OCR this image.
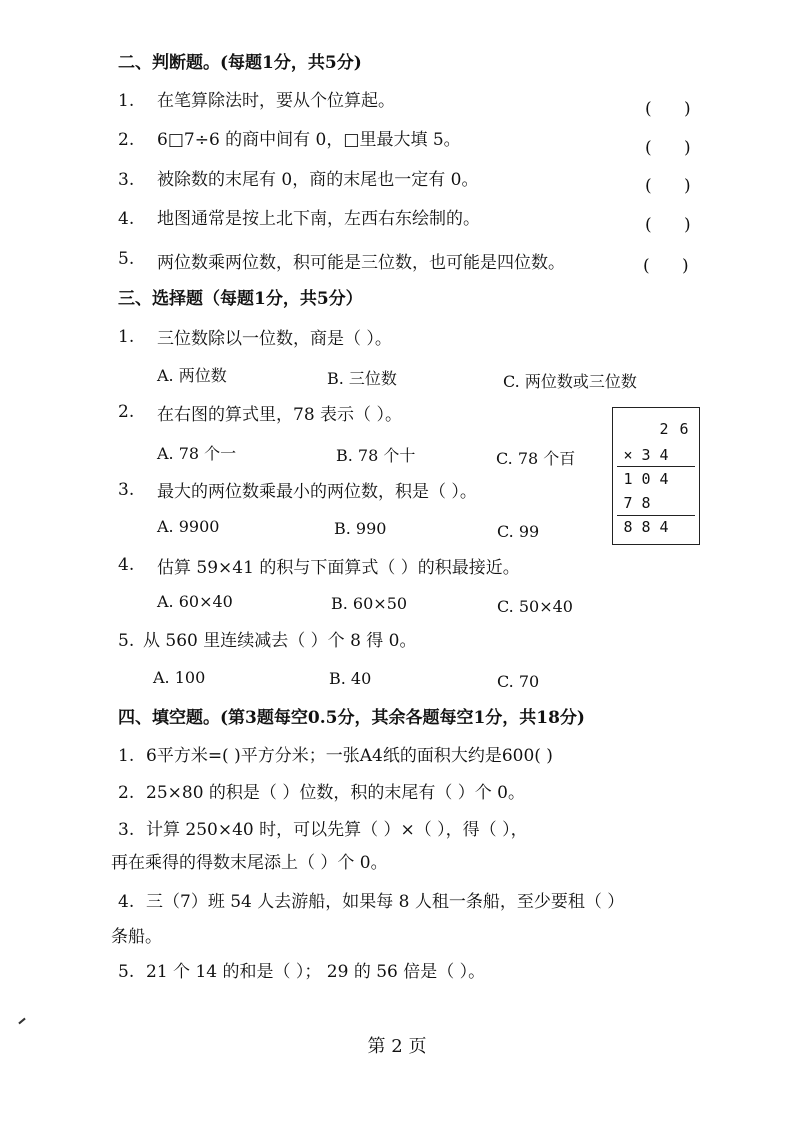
二、判断题。(每题1分，共5分)
1. 在笔算除法时，要从个位算起。	(      )
2. 6□7÷6 的商中间有 0，□里最大填 5。	(      )
3. 被除数的末尾有 0，商的末尾也一定有 0。	(      )
4. 地图通常是按上北下南，左西右东绘制的。	(      )
5. 两位数乘两位数，积可能是三位数，也可能是四位数。	(      )
三、选择题（每题1分，共5分）
1. 三位数除以一位数，商是（ ）。
A. 两位数	B. 三位数	C. 两位数或三位数
2. 在右图的算式里，78 表示（ ）。
A. 78 个一	B. 78 个十	C. 78 个百
3. 最大的两位数乘最小的两位数，积是（ ）。
A. 9900	B. 990	C. 99
4. 估算 59×41 的积与下面算式（ ）的积最接近。
A. 60×40	B. 60×50	C. 50×40
5. 从 560 里连续减去（ ）个 8 得 0。
A. 100	B. 40	C. 70
2 6
× 3 4
1 0 4
7 8
8 8 4
四、填空题。(第3题每空0.5分，其余各题每空1分，共18分)
1. 6平方米=( )平方分米；一张A4纸的面积大约是600( )
2. 25×80 的积是（ ）位数，积的末尾有（ ）个 0。
3. 计算 250×40 时，可以先算（ ）×（ ），得（ ），
再在乘得的得数末尾添上（ ）个 0。
4. 三（7）班 54 人去游船，如果每 8 人租一条船，至少要租（ ）
条船。
5. 21 个 14 的和是（ ）； 29 的 56 倍是（ ）。
第 2 页
